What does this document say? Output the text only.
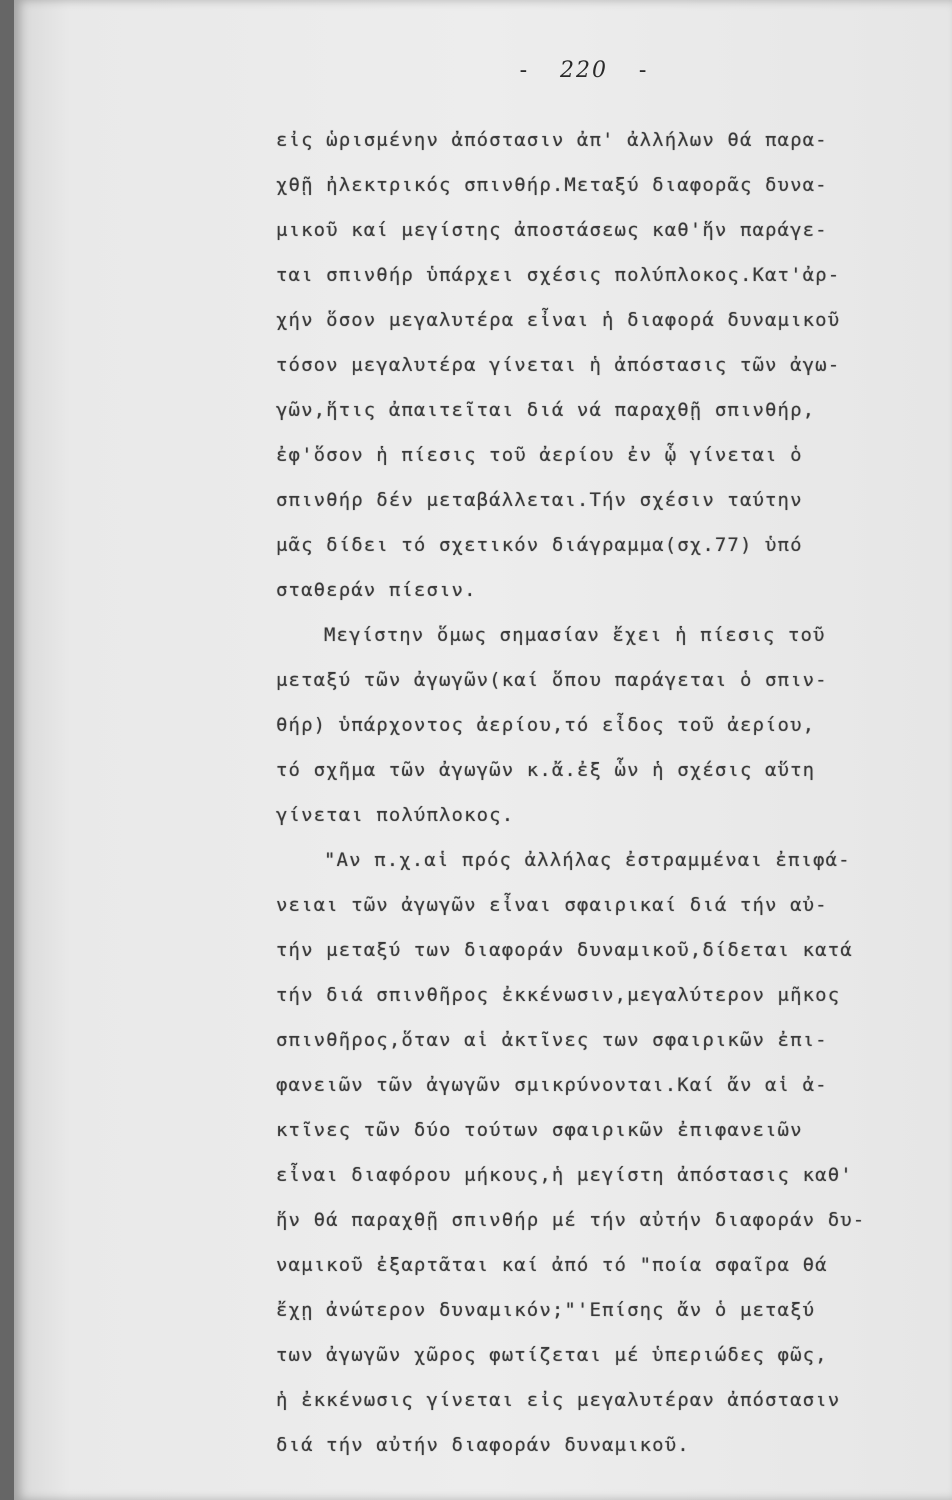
- 220 -
εἰς ὡρισμένην ἀπόστασιν ἀπ' ἀλλήλων θά παρα-
χθῇ ἠλεκτρικός σπινθήρ.Μεταξύ διαφορᾶς δυνα-
μικοῦ καί μεγίστης ἀποστάσεως καθ'ἥν παράγε-
ται σπινθήρ ὑπάρχει σχέσις πολύπλοκος.Κατ'ἀρ-
χήν ὅσον μεγαλυτέρα εἶναι ἡ διαφορά δυναμικοῦ
τόσον μεγαλυτέρα γίνεται ἡ ἀπόστασις τῶν ἀγω-
γῶν,ἥτις ἀπαιτεῖται διά νά παραχθῇ σπινθήρ,
ἐφ'ὅσον ἡ πίεσις τοῦ ἀερίου ἐν ᾧ γίνεται ὁ
σπινθήρ δέν μεταβάλλεται.Τήν σχέσιν ταύτην
μᾶς δίδει τό σχετικόν διάγραμμα(σχ.77) ὑπό
σταθεράν πίεσιν.
Μεγίστην ὅμως σημασίαν ἔχει ἡ πίεσις τοῦ
μεταξύ τῶν ἀγωγῶν(καί ὅπου παράγεται ὁ σπιν-
θήρ) ὑπάρχοντος ἀερίου,τό εἶδος τοῦ ἀερίου,
τό σχῆμα τῶν ἀγωγῶν κ.ἄ.ἐξ ὧν ἡ σχέσις αὕτη
γίνεται πολύπλοκος.
"Αν π.χ.αἱ πρός ἀλλήλας ἐστραμμέναι ἐπιφά-
νειαι τῶν ἀγωγῶν εἶναι σφαιρικαί διά τήν αὐ-
τήν μεταξύ των διαφοράν δυναμικοῦ,δίδεται κατά
τήν διά σπινθῆρος ἐκκένωσιν,μεγαλύτερον μῆκος
σπινθῆρος,ὅταν αἱ ἀκτῖνες των σφαιρικῶν ἐπι-
φανειῶν τῶν ἀγωγῶν σμικρύνονται.Καί ἄν αἱ ἀ-
κτῖνες τῶν δύο τούτων σφαιρικῶν ἐπιφανειῶν
εἶναι διαφόρου μήκους,ἡ μεγίστη ἀπόστασις καθ'
ἥν θά παραχθῇ σπινθήρ μέ τήν αὐτήν διαφοράν δυ-
ναμικοῦ ἐξαρτᾶται καί ἀπό τό "ποία σφαῖρα θά
ἔχῃ ἀνώτερον δυναμικόν;"'Επίσης ἄν ὁ μεταξύ
των ἀγωγῶν χῶρος φωτίζεται μέ ὑπεριώδες φῶς,
ἡ ἐκκένωσις γίνεται εἰς μεγαλυτέραν ἀπόστασιν
διά τήν αὐτήν διαφοράν δυναμικοῦ.
